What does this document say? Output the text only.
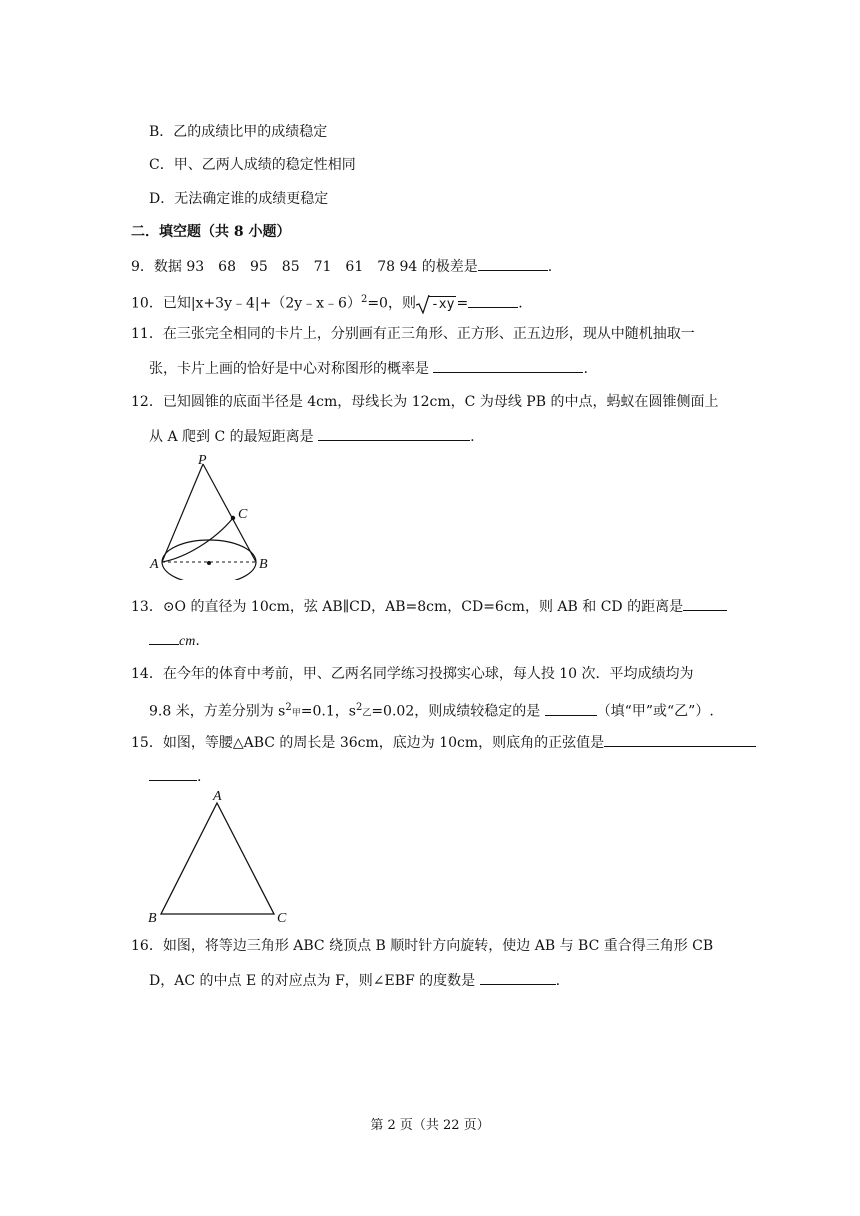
B．乙的成绩比甲的成绩稳定
C．甲、乙两人成绩的稳定性相同
D．无法确定谁的成绩更稳定
二．填空题（共 8 小题）
9．数据 93　68　95　85　71　61　78 94 的极差是	.
10．已知|x+3y﹣4|+（2y﹣x﹣6）$^2$=0，则 -xy =	.
11．在三张完全相同的卡片上，分别画有正三角形、正方形、正五边形，现从中随机抽取一
张，卡片上画的恰好是中心对称图形的概率是	.
12．已知圆锥的底面半径是 4cm，母线长为 12cm，C 为母线 PB 的中点，蚂蚁在圆锥侧面上
从 A 爬到 C 的最短距离是	.
P
C
A	B
13．⊙O 的直径为 10cm，弦 AB∥CD，AB=8cm，CD=6cm，则 AB 和 CD 的距离是
cm.
14．在今年的体育中考前，甲、乙两名同学练习投掷实心球，每人投 10 次．平均成绩均为
9.8 米，方差分别为 $s^2$甲=0.1，$s^2$乙=0.02，则成绩较稳定的是	（填“甲”或“乙”）.
15．如图，等腰△ABC 的周长是 36cm，底边为 10cm，则底角的正弦值是
.
A
B	C
16．如图，将等边三角形 ABC 绕顶点 B 顺时针方向旋转，使边 AB 与 BC 重合得三角形 CB
D，AC 的中点 E 的对应点为 F，则∠EBF 的度数是	.
第 2 页（共 22 页）
